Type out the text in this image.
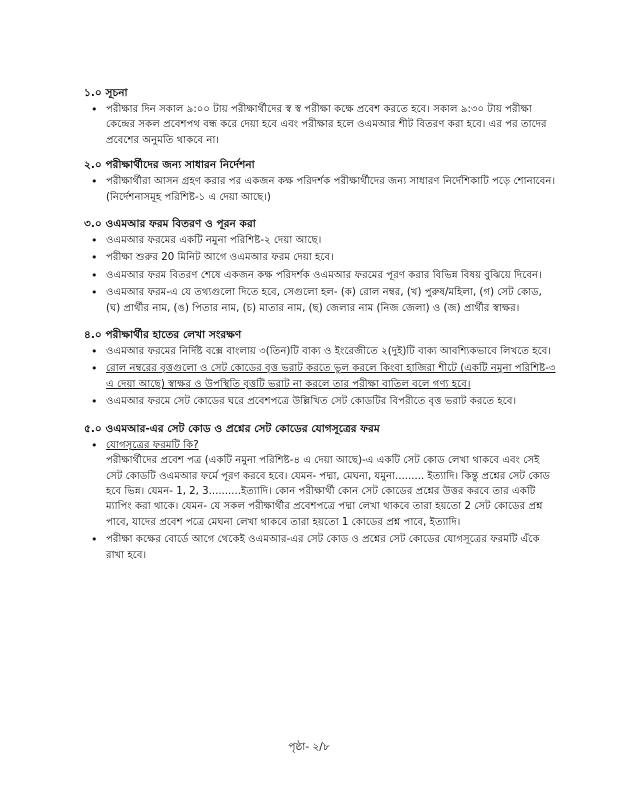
১.০ সূচনা

• পরীক্ষার দিন সকাল ৯:০০ টায় পরীক্ষার্থীদের স্ব স্ব পরীক্ষা কক্ষে প্রবেশ করতে হবে। সকাল ৯:৩০ টায় পরীক্ষা কেন্দ্রের সকল প্রবেশপথ বন্ধ করে দেয়া হবে এবং পরীক্ষার হলে ওএমআর শীট বিতরণ করা হবে। এর পর তাদের প্রবেশের অনুমতি থাকবে না।

২.০ পরীক্ষার্থীদের জন্য সাধারন নির্দেশনা

• পরীক্ষার্থীরা আসন গ্রহণ করার পর একজন কক্ষ পরিদর্শক পরীক্ষার্থীদের জন্য সাধারণ নির্দেশিকাটি পড়ে শোনাবেন। (নির্দেশনাসমূহ পরিশিষ্ট-১ এ দেয়া আছে।)

৩.০ ওএমআর ফরম বিতরণ ও পূরন করা

• ওএমআর ফরমের একটি নমুনা পরিশিষ্ট-২ দেয়া আছে।
• পরীক্ষা শুরুর 20 মিনিট আগে ওএমআর ফরম দেয়া হবে।
• ওএমআর ফরম বিতরণ শেষে একজন কক্ষ পরিদর্শক ওএমআর ফরমের পূরণ করার বিভিন্ন বিষয় বুঝিয়ে দিবেন।
• ওএমআর ফরম-এ যে তথ্যগুলো দিতে হবে, সেগুলো হল- (ক) রোল নম্বর, (খ) পুরুষ/মহিলা, (গ) সেট কোড, (ঘ) প্রার্থীর নাম, (ঙ) পিতার নাম, (চ) মাতার নাম, (ছ) জেলার নাম (নিজ জেলা) ও (জ) প্রার্থীর স্বাক্ষর।

৪.০ পরীক্ষার্থীর হাতের লেখা সংরক্ষণ

• ওএমআর ফরমের নির্দিষ্ট বক্সে বাংলায় ৩(তিন)টি বাক্য ও ইংরেজীতে ২(দুই)টি বাক্য আবশ্যিকভাবে লিখতে হবে।
• রোল নম্বরের বৃত্তগুলো ও সেট কোডের বৃত্ত ভরাট করতে ভুল করলে কিংবা হাজিরা শীটে (একটি নমুনা পরিশিষ্ট-৩ এ দেয়া আছে) স্বাক্ষর ও উপস্থিতি বৃত্তটি ভরাট না করলে তার পরীক্ষা বাতিল বলে গণ্য হবে।
• ওএমআর ফরমে সেট কোডের ঘরে প্রবেশপত্রে উল্লিখিত সেট কোডটির বিপরীতে বৃত্ত ভরাট করতে হবে।

৫.০ ওএমআর-এর সেট কোড ও প্রশ্নের সেট কোডের যোগসূত্রের ফরম

• যোগসূত্রের ফরমটি কি?
পরীক্ষার্থীদের প্রবেশ পত্র (একটি নমুনা পরিশিষ্ট-৪ এ দেয়া আছে)-এ একটি সেট কোড লেখা থাকবে এবং সেই সেট কোডটি ওএমআর ফর্মে পূরণ করবে হবে। যেমন- পদ্মা, মেঘনা, যমুনা......... ইত্যাদি। কিন্তু প্রশ্নের সেট কোড হবে ভিন্ন। যেমন- 1, 2, 3..........ইত্যাদি। কোন পরীক্ষার্থী কোন সেট কোডের প্রশ্নের উত্তর করবে তার একটি ম্যাপিং করা থাকে। যেমন- যে সকল পরীক্ষার্থীর প্রবেশপত্রে পদ্মা লেখা থাকবে তারা হয়তো 2 সেট কোডের প্রশ্ন পাবে, যাদের প্রবেশ পত্রে মেঘনা লেখা থাকবে তারা হয়তো 1 কোডের প্রশ্ন পাবে, ইত্যাদি।
• পরীক্ষা কক্ষের বোর্ডে আগে থেকেই ওএমআর-এর সেট কোড ও প্রশ্নের সেট কোডের যোগসূত্রের ফরমটি এঁকে রাখা হবে।
পৃষ্ঠা- ২/৮
